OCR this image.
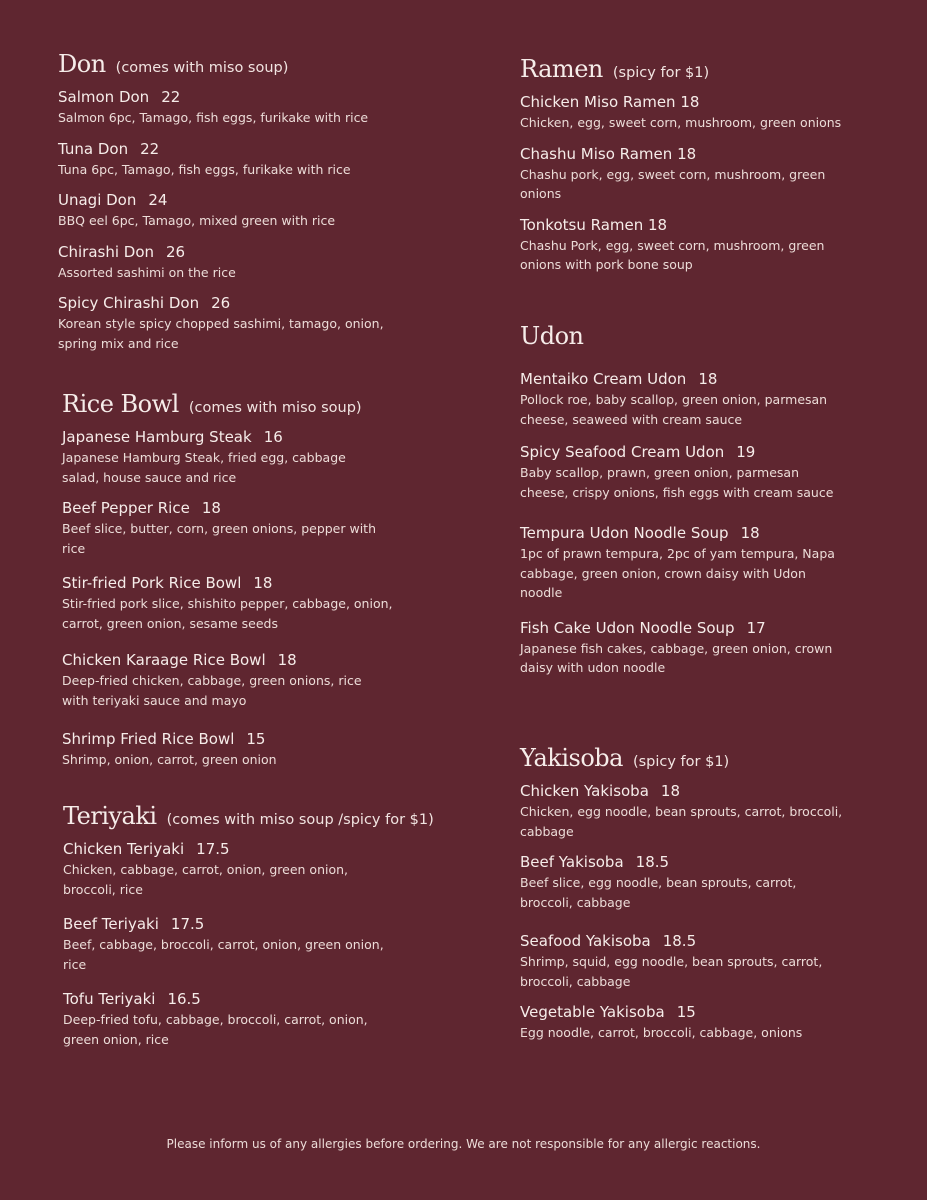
Don (comes with miso soup)
Salmon Don 22
Salmon 6pc, Tamago, fish eggs, furikake with rice
Tuna Don 22
Tuna 6pc, Tamago, fish eggs, furikake with rice
Unagi Don 24
BBQ eel 6pc, Tamago, mixed green with rice
Chirashi Don 26
Assorted sashimi on the rice
Spicy Chirashi Don 26
Korean style spicy chopped sashimi, tamago, onion, spring mix and rice
Rice Bowl (comes with miso soup)
Japanese Hamburg Steak 16
Japanese Hamburg Steak, fried egg, cabbage salad, house sauce and rice
Beef Pepper Rice 18
Beef slice, butter, corn, green onions, pepper with rice
Stir-fried Pork Rice Bowl 18
Stir-fried pork slice, shishito pepper, cabbage, onion, carrot, green onion, sesame seeds
Chicken Karaage Rice Bowl 18
Deep-fried chicken, cabbage, green onions, rice with teriyaki sauce and mayo
Shrimp Fried Rice Bowl 15
Shrimp, onion, carrot, green onion
Teriyaki (comes with miso soup /spicy for $1)
Chicken Teriyaki 17.5
Chicken, cabbage, carrot, onion, green onion, broccoli, rice
Beef Teriyaki 17.5
Beef, cabbage, broccoli, carrot, onion, green onion, rice
Tofu Teriyaki 16.5
Deep-fried tofu, cabbage, broccoli, carrot, onion, green onion, rice
Ramen (spicy for $1)
Chicken Miso Ramen 18
Chicken, egg, sweet corn, mushroom, green onions
Chashu Miso Ramen 18
Chashu pork, egg, sweet corn, mushroom, green onions
Tonkotsu Ramen 18
Chashu Pork, egg, sweet corn, mushroom, green onions with pork bone soup
Udon
Mentaiko Cream Udon 18
Pollock roe, baby scallop, green onion, parmesan cheese, seaweed with cream sauce
Spicy Seafood Cream Udon 19
Baby scallop, prawn, green onion, parmesan cheese, crispy onions, fish eggs with cream sauce
Tempura Udon Noodle Soup 18
1pc of prawn tempura, 2pc of yam tempura, Napa cabbage, green onion, crown daisy with Udon noodle
Fish Cake Udon Noodle Soup 17
Japanese fish cakes, cabbage, green onion, crown daisy with udon noodle
Yakisoba (spicy for $1)
Chicken Yakisoba 18
Chicken, egg noodle, bean sprouts, carrot, broccoli, cabbage
Beef Yakisoba 18.5
Beef slice, egg noodle, bean sprouts, carrot, broccoli, cabbage
Seafood Yakisoba 18.5
Shrimp, squid, egg noodle, bean sprouts, carrot, broccoli, cabbage
Vegetable Yakisoba 15
Egg noodle, carrot, broccoli, cabbage, onions
Please inform us of any allergies before ordering. We are not responsible for any allergic reactions.
